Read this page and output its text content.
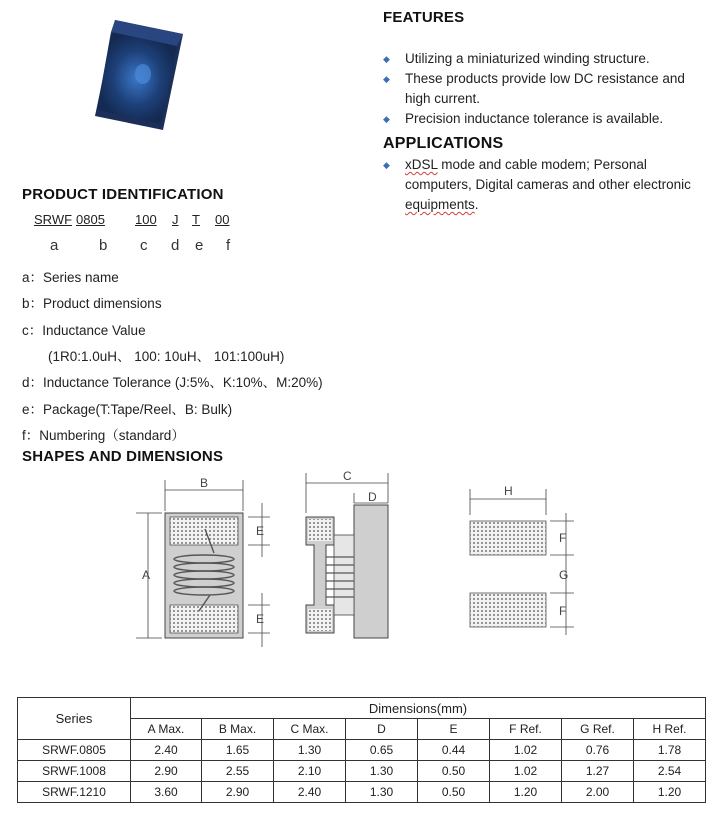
FEATURES
◆ Utilizing a miniaturized winding structure.
◆ These products provide low DC resistance and high current.
◆ Precision inductance tolerance is available.
APPLICATIONS
◆ xDSL mode and cable modem; Personal computers, Digital cameras and other electronic equipments.
PRODUCT IDENTIFICATION
SRWF 0805 100 J T 00
a	b c d e f
a：Series name
b：Product dimensions
c：Inductance Value
(1R0:1.0uH、 100: 10uH、 101:100uH)
d：Inductance Tolerance (J:5%、K:10%、M:20%)
e：Package(T:Tape/Reel、B: Bulk)
f：Numbering（standard）
SHAPES AND DIMENSIONS
B
A
E
E
C
D	H
F
G
F
Series	Dimensions(mm)							
	A Max.	B Max.	C Max.	D	E	F Ref.	G Ref.	H Ref.
SRWF.0805	2.40	1.65	1.30	0.65	0.44	1.02	0.76	1.78
SRWF.1008	2.90	2.55	2.10	1.30	0.50	1.02	1.27	2.54
SRWF.1210	3.60	2.90	2.40	1.30	0.50	1.20	2.00	1.20
